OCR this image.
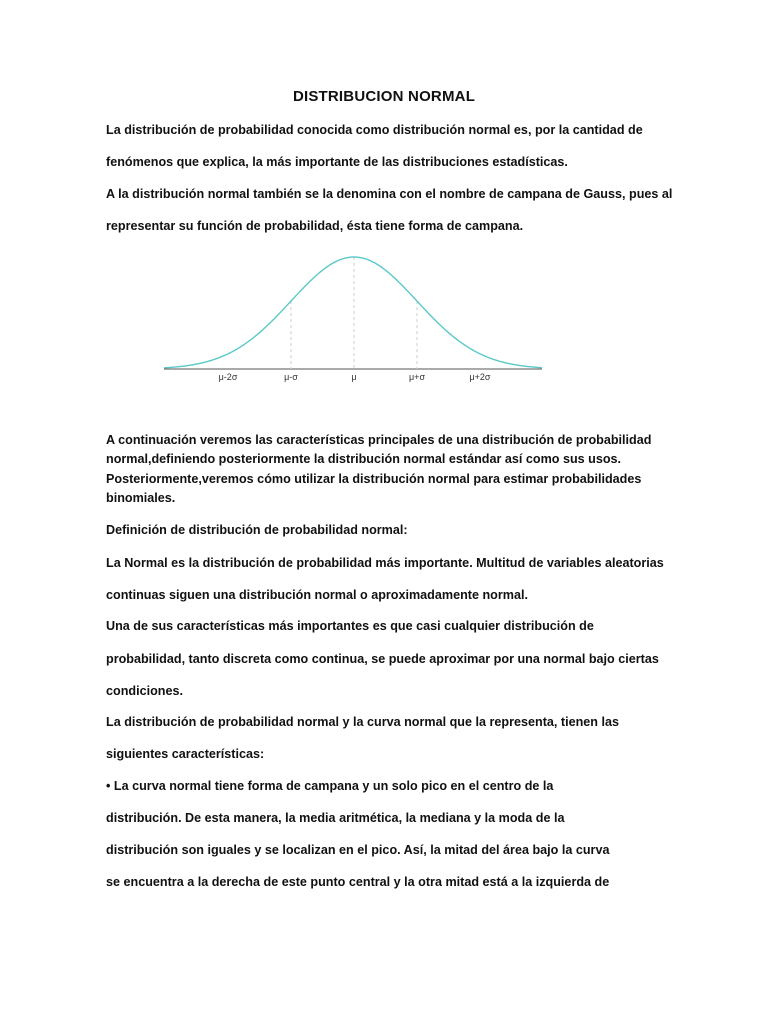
DISTRIBUCION NORMAL
La distribución de probabilidad conocida como distribución normal es, por la cantidad de
fenómenos que explica, la más importante de las distribuciones estadísticas.
A la distribución normal también se la denomina con el nombre de campana de Gauss, pues al
representar su función de probabilidad, ésta tiene forma de campana.
μ-2σ	μ-σ	μ	μ+σ	μ+2σ
A continuación veremos las características principales de una distribución de probabilidad
normal,definiendo posteriormente la distribución normal estándar así como sus usos.
Posteriormente,veremos cómo utilizar la distribución normal para estimar probabilidades
binomiales.
Definición de distribución de probabilidad normal:
La Normal es la distribución de probabilidad más importante. Multitud de variables aleatorias
continuas siguen una distribución normal o aproximadamente normal.
Una de sus características más importantes es que casi cualquier distribución de
probabilidad, tanto discreta como continua, se puede aproximar por una normal bajo ciertas
condiciones.
La distribución de probabilidad normal y la curva normal que la representa, tienen las
siguientes características:
• La curva normal tiene forma de campana y un solo pico en el centro de la
distribución. De esta manera, la media aritmética, la mediana y la moda de la
distribución son iguales y se localizan en el pico. Así, la mitad del área bajo la curva
se encuentra a la derecha de este punto central y la otra mitad está a la izquierda de
